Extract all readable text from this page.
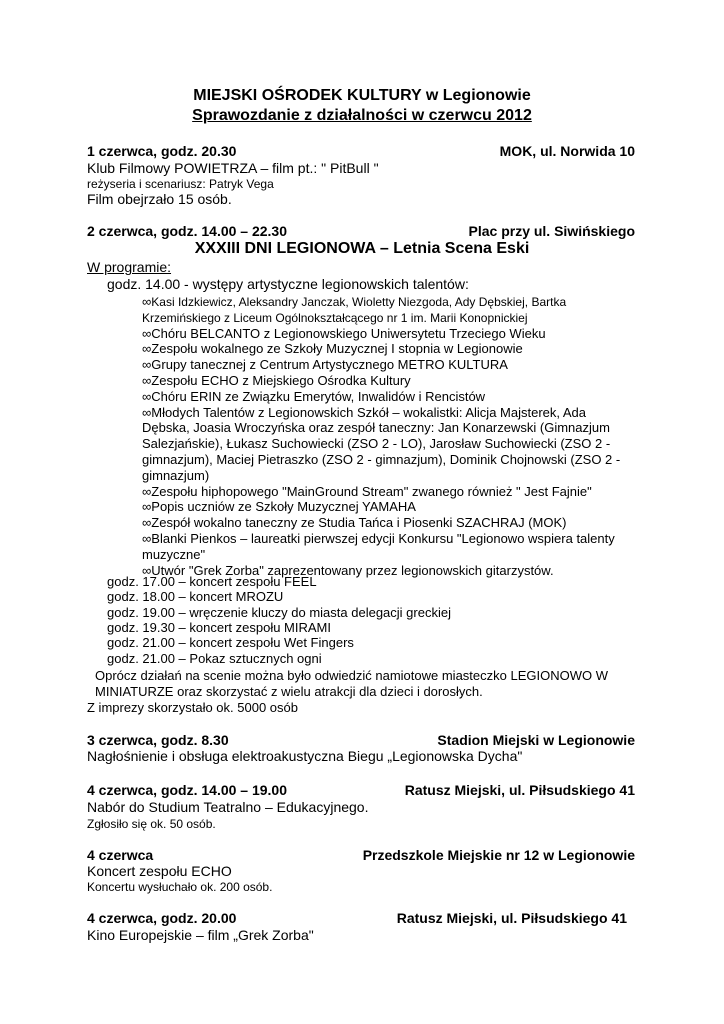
MIEJSKI OŚRODEK KULTURY w Legionowie
Sprawozdanie z działalności w czerwcu 2012
1 czerwca, godz. 20.30	MOK, ul. Norwida 10
Klub Filmowy POWIETRZA – film pt.: " PitBull "
reżyseria i scenariusz: Patryk Vega
Film obejrzało 15 osób.
2 czerwca, godz. 14.00 – 22.30	Plac przy ul. Siwińskiego
XXXIII DNI LEGIONOWA – Letnia Scena Eski
W programie:
godz. 14.00 - występy artystyczne legionowskich talentów:
∞Kasi Idzkiewicz, Aleksandry Janczak, Wioletty Niezgoda, Ady Dębskiej, Bartka
Krzemińskiego z Liceum Ogólnokształcącego nr 1 im. Marii Konopnickiej
∞Chóru BELCANTO z Legionowskiego Uniwersytetu Trzeciego Wieku
∞Zespołu wokalnego ze Szkoły Muzycznej I stopnia w Legionowie
∞Grupy tanecznej z Centrum Artystycznego METRO KULTURA
∞Zespołu ECHO z Miejskiego Ośrodka Kultury
∞Chóru ERIN ze Związku Emerytów, Inwalidów i Rencistów
∞Młodych Talentów z Legionowskich Szkół – wokalistki: Alicja Majsterek, Ada
Dębska, Joasia Wroczyńska oraz zespół taneczny: Jan Konarzewski (Gimnazjum
Salezjańskie), Łukasz Suchowiecki (ZSO 2 - LO), Jarosław Suchowiecki (ZSO 2 -
gimnazjum), Maciej Pietraszko (ZSO 2 - gimnazjum), Dominik Chojnowski (ZSO 2 -
gimnazjum)
∞Zespołu hiphopowego "MainGround Stream" zwanego również " Jest Fajnie"
∞Popis uczniów ze Szkoły Muzycznej YAMAHA
∞Zespół wokalno taneczny ze Studia Tańca i Piosenki SZACHRAJ (MOK)
∞Blanki Pienkos – laureatki pierwszej edycji Konkursu "Legionowo wspiera talenty
muzyczne"
∞Utwór "Grek Zorba" zaprezentowany przez legionowskich gitarzystów.
godz. 17.00 – koncert zespołu FEEL
godz. 18.00 – koncert MROZU
godz. 19.00 – wręczenie kluczy do miasta delegacji greckiej
godz. 19.30 – koncert zespołu MIRAMI
godz. 21.00 – koncert zespołu Wet Fingers
godz. 21.00 – Pokaz sztucznych ogni
Oprócz działań na scenie można było odwiedzić namiotowe miasteczko LEGIONOWO W
MINIATURZE oraz skorzystać z wielu atrakcji dla dzieci i dorosłych.
Z imprezy skorzystało ok. 5000 osób
3 czerwca, godz. 8.30	Stadion Miejski w Legionowie
Nagłośnienie i obsługa elektroakustyczna Biegu „Legionowska Dycha"
4 czerwca, godz. 14.00 – 19.00	Ratusz Miejski, ul. Piłsudskiego 41
Nabór do Studium Teatralno – Edukacyjnego.
Zgłosiło się ok. 50 osób.
4 czerwca	Przedszkole Miejskie nr 12 w Legionowie
Koncert zespołu ECHO
Koncertu wysłuchało ok. 200 osób.
4 czerwca, godz. 20.00	Ratusz Miejski, ul. Piłsudskiego 41
Kino Europejskie – film „Grek Zorba"
